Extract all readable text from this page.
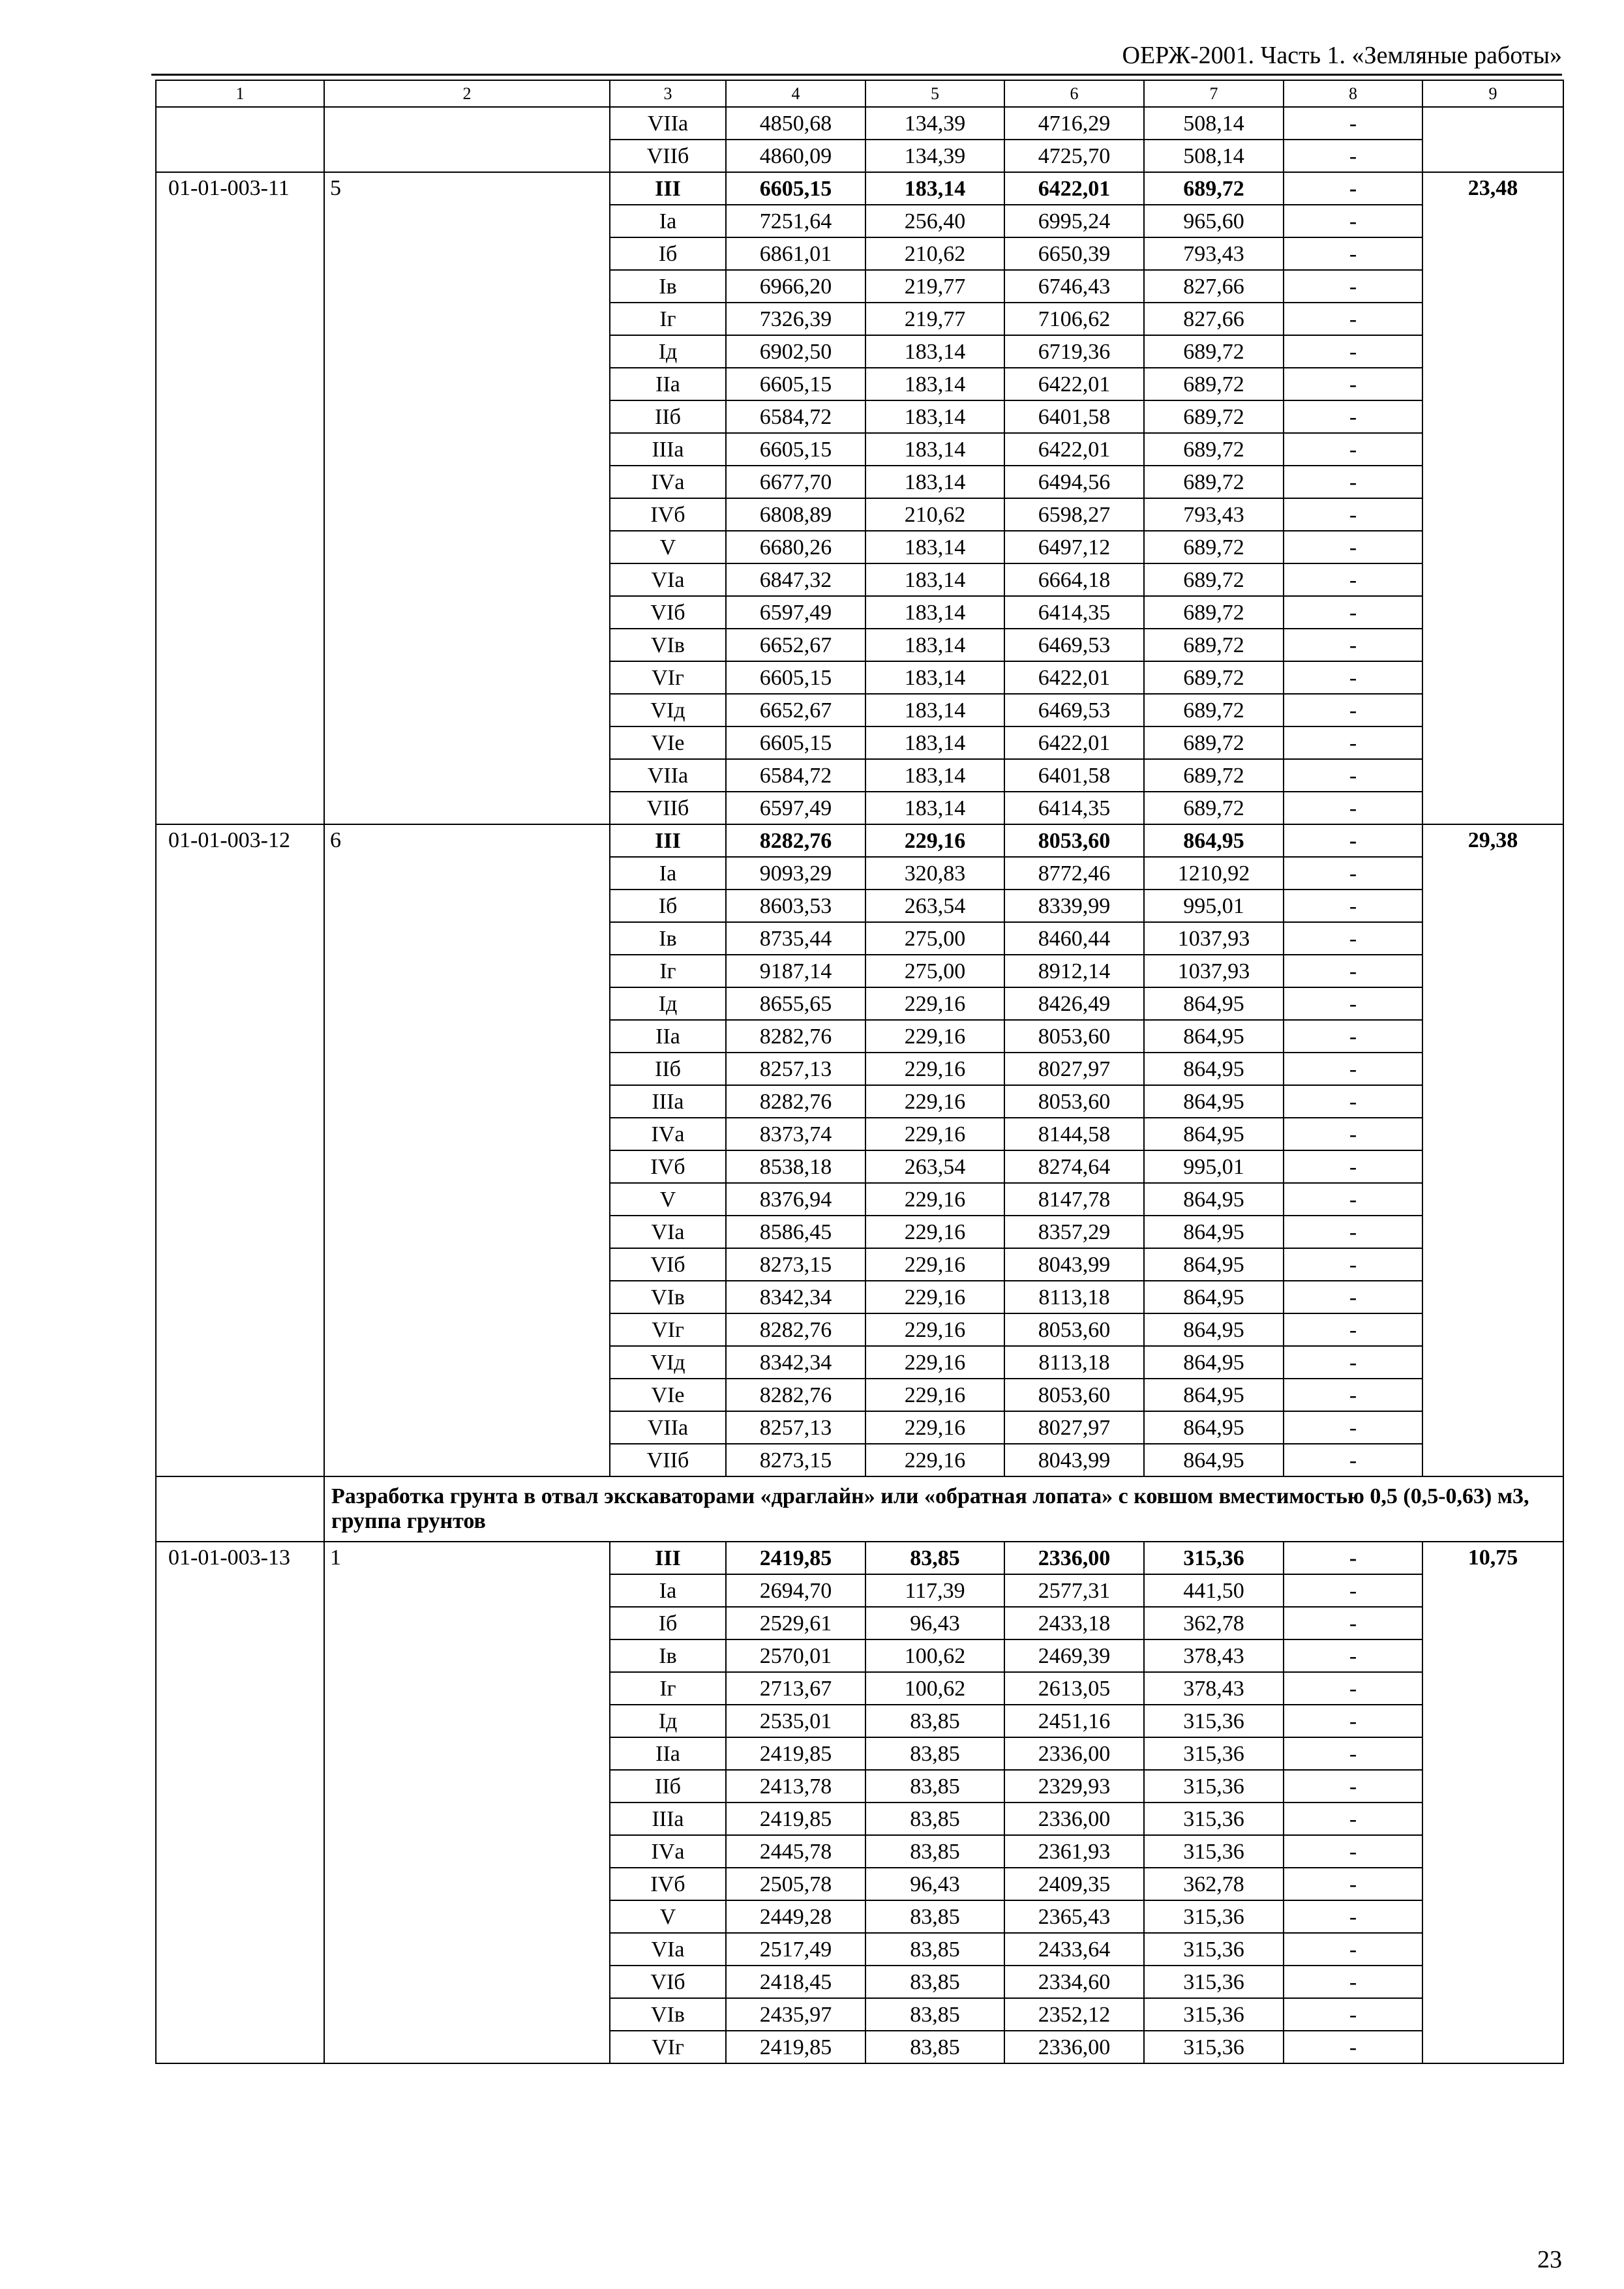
ОЕРЖ-2001. Часть 1. «Земляные работы»
1	2	3	4	5	6	7	8	9
		VIIа	4850,68	134,39	4716,29	508,14	-	
		VIIб	4860,09	134,39	4725,70	508,14	-	
01-01-003-11	5	III	6605,15	183,14	6422,01	689,72	-	23,48
		Iа	7251,64	256,40	6995,24	965,60	-	
		Iб	6861,01	210,62	6650,39	793,43	-	
		Iв	6966,20	219,77	6746,43	827,66	-	
		Iг	7326,39	219,77	7106,62	827,66	-	
		Iд	6902,50	183,14	6719,36	689,72	-	
		IIа	6605,15	183,14	6422,01	689,72	-	
		IIб	6584,72	183,14	6401,58	689,72	-	
		IIIа	6605,15	183,14	6422,01	689,72	-	
		IVа	6677,70	183,14	6494,56	689,72	-	
		IVб	6808,89	210,62	6598,27	793,43	-	
		V	6680,26	183,14	6497,12	689,72	-	
		VIа	6847,32	183,14	6664,18	689,72	-	
		VIб	6597,49	183,14	6414,35	689,72	-	
		VIв	6652,67	183,14	6469,53	689,72	-	
		VIг	6605,15	183,14	6422,01	689,72	-	
		VIд	6652,67	183,14	6469,53	689,72	-	
		VIе	6605,15	183,14	6422,01	689,72	-	
		VIIа	6584,72	183,14	6401,58	689,72	-	
		VIIб	6597,49	183,14	6414,35	689,72	-	
01-01-003-12	6	III	8282,76	229,16	8053,60	864,95	-	29,38
		Iа	9093,29	320,83	8772,46	1210,92	-	
		Iб	8603,53	263,54	8339,99	995,01	-	
		Iв	8735,44	275,00	8460,44	1037,93	-	
		Iг	9187,14	275,00	8912,14	1037,93	-	
		Iд	8655,65	229,16	8426,49	864,95	-	
		IIа	8282,76	229,16	8053,60	864,95	-	
		IIб	8257,13	229,16	8027,97	864,95	-	
		IIIа	8282,76	229,16	8053,60	864,95	-	
		IVа	8373,74	229,16	8144,58	864,95	-	
		IVб	8538,18	263,54	8274,64	995,01	-	
		V	8376,94	229,16	8147,78	864,95	-	
		VIа	8586,45	229,16	8357,29	864,95	-	
		VIб	8273,15	229,16	8043,99	864,95	-	
		VIв	8342,34	229,16	8113,18	864,95	-	
		VIг	8282,76	229,16	8053,60	864,95	-	
		VIд	8342,34	229,16	8113,18	864,95	-	
		VIе	8282,76	229,16	8053,60	864,95	-	
		VIIа	8257,13	229,16	8027,97	864,95	-	
		VIIб	8273,15	229,16	8043,99	864,95	-	
	Разработка грунта в отвал экскаваторами «драглайн» или «обратная лопата» с ковшом вместимостью 0,5 (0,5-0,63) м3, группа грунтов							
01-01-003-13	1	III	2419,85	83,85	2336,00	315,36	-	10,75
		Iа	2694,70	117,39	2577,31	441,50	-	
		Iб	2529,61	96,43	2433,18	362,78	-	
		Iв	2570,01	100,62	2469,39	378,43	-	
		Iг	2713,67	100,62	2613,05	378,43	-	
		Iд	2535,01	83,85	2451,16	315,36	-	
		IIа	2419,85	83,85	2336,00	315,36	-	
		IIб	2413,78	83,85	2329,93	315,36	-	
		IIIа	2419,85	83,85	2336,00	315,36	-	
		IVа	2445,78	83,85	2361,93	315,36	-	
		IVб	2505,78	96,43	2409,35	362,78	-	
		V	2449,28	83,85	2365,43	315,36	-	
		VIа	2517,49	83,85	2433,64	315,36	-	
		VIб	2418,45	83,85	2334,60	315,36	-	
		VIв	2435,97	83,85	2352,12	315,36	-	
		VIг	2419,85	83,85	2336,00	315,36	-	
23
